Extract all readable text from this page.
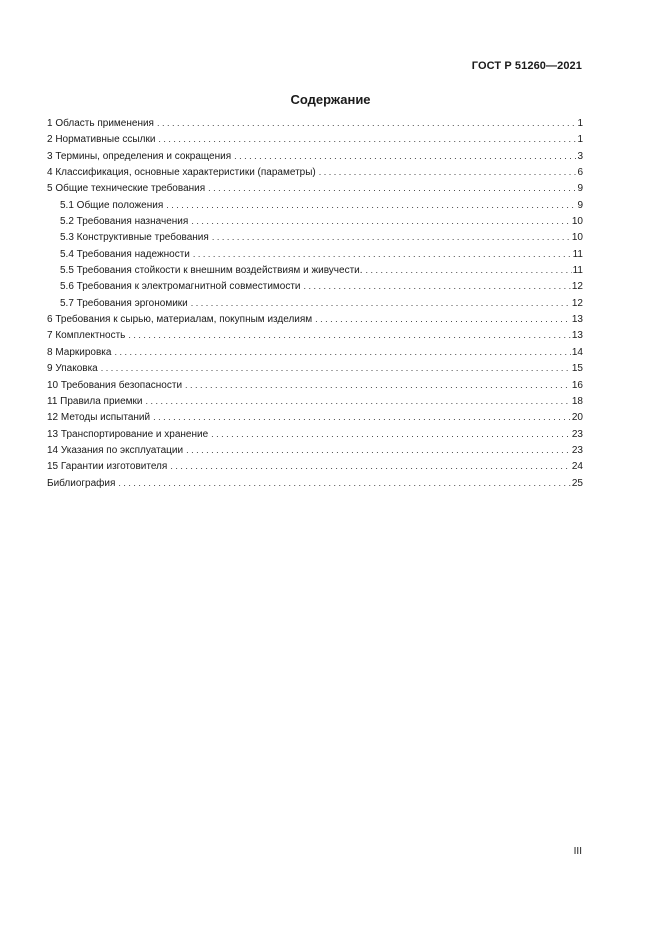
ГОСТ Р 51260—2021
Содержание
1 Область применения . . .	1
2 Нормативные ссылки . . .	1
3 Термины, определения и сокращения . . .	3
4 Классификация, основные характеристики (параметры) . . .	6
5 Общие технические требования . . .	9
5.1 Общие положения . . .	9
5.2 Требования назначения . . .	10
5.3 Конструктивные требования . . .	10
5.4 Требования надежности . . .	11
5.5 Требования стойкости к внешним воздействиям и живучести. . . .	11
5.6 Требования к электромагнитной совместимости . . .	12
5.7 Требования эргономики . . .	12
6 Требования к сырью, материалам, покупным изделиям . . .	13
7 Комплектность . . .	13
8 Маркировка . . .	14
9 Упаковка . . .	15
10 Требования безопасности . . .	16
11 Правила приемки . . .	18
12 Методы испытаний . . .	20
13 Транспортирование и хранение . . .	23
14 Указания по эксплуатации . . .	23
15 Гарантии изготовителя . . .	24
Библиография . . .	25
III
